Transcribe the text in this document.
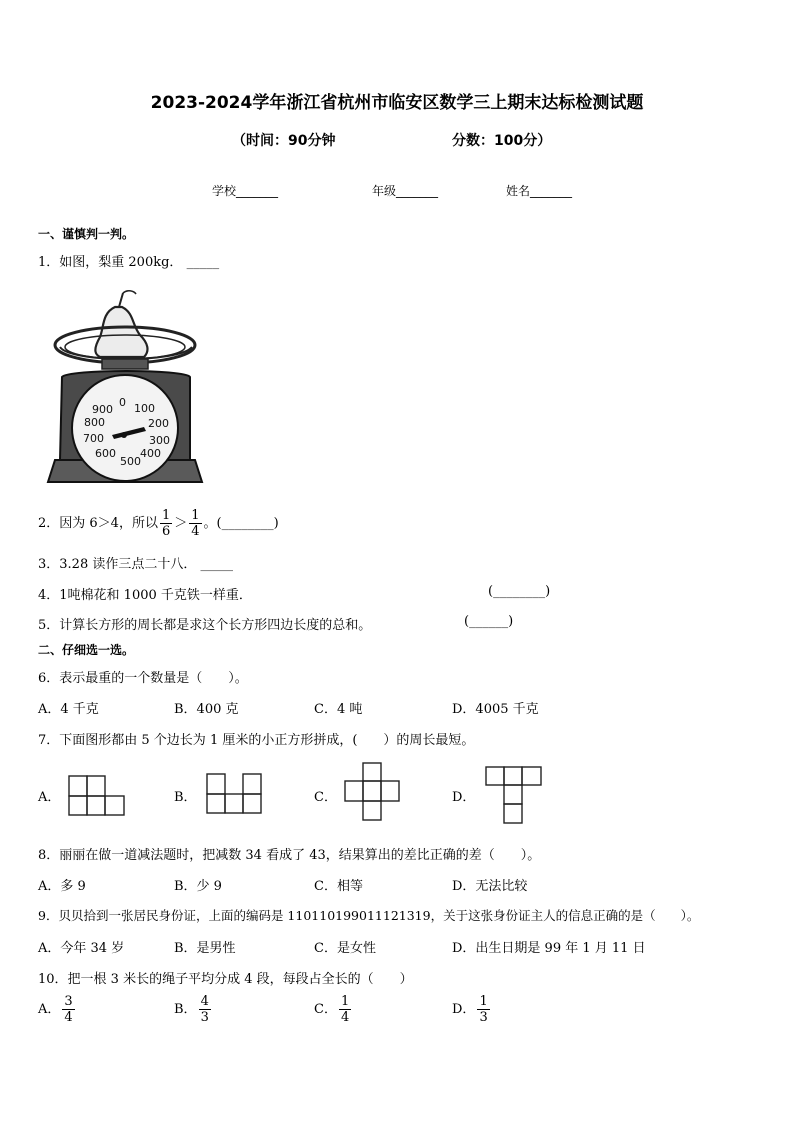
2023-2024学年浙江省杭州市临安区数学三上期末达标检测试题
（时间：90分钟	分数：100分）
学校_______	年级_______	姓名_______
一、谨慎判一判。
1．如图，梨重 200kg． _____
0 100
200
300
400
500
600
700
800
900
2．因为 6＞4，所以 $\frac{1}{6} > \frac{1}{4}$ 。(________)
3．3.28 读作三点二十八． _____
4．1吨棉花和 1000 千克铁一样重．	(________)
5．计算长方形的周长都是求这个长方形四边长度的总和。	(______)
二、仔细选一选。
6．表示最重的一个数量是（　　）。
A．4 千克	B．400 克	C．4 吨	D．4005 千克
7．下面图形都由 5 个边长为 1 厘米的小正方形拼成，(　　）的周长最短。
A．	B．	C．	D．
8．丽丽在做一道减法题时，把减数 34 看成了 43，结果算出的差比正确的差（　　）。
A．多 9	B．少 9	C．相等	D．无法比较
9．贝贝拾到一张居民身份证，上面的编码是 110110199011121319，关于这张身份证主人的信息正确的是（　　）。
A．今年 34 岁	B．是男性	C．是女性	D．出生日期是 99 年 1 月 11 日
10．把一根 3 米长的绳子平均分成 4 段，每段占全长的（　　）
A． $\frac{3}{4}$	B． $\frac{4}{3}$	C． $\frac{1}{4}$	D． $\frac{1}{3}$
